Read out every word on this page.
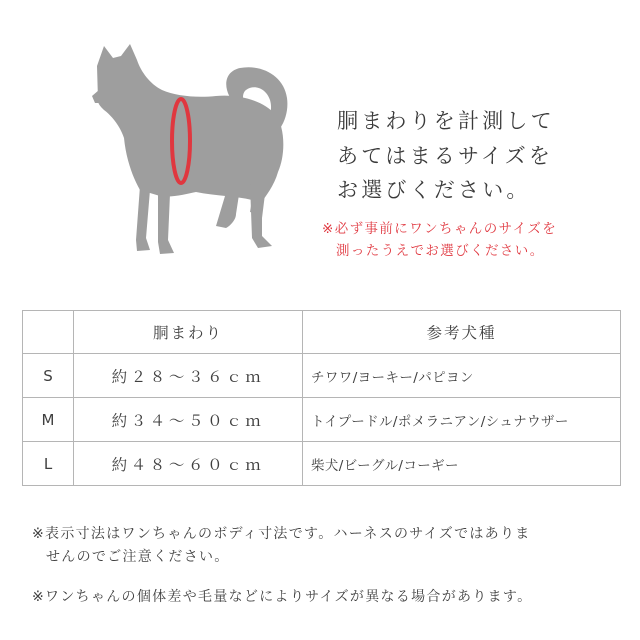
胴まわりを計測して
あてはまるサイズを
お選びください。
※必ず事前にワンちゃんのサイズを
測ったうえでお選びください。
	胴まわり	参考犬種
S	約２８～３６ｃｍ	チワワ/ヨーキー/パピヨン
M	約３４～５０ｃｍ	トイプードル/ポメラニアン/シュナウザー
L	約４８～６０ｃｍ	柴犬/ビーグル/コーギー
※表示寸法はワンちゃんのボディ寸法です。ハーネスのサイズではありま
せんのでご注意ください。
※ワンちゃんの個体差や毛量などによりサイズが異なる場合があります。
